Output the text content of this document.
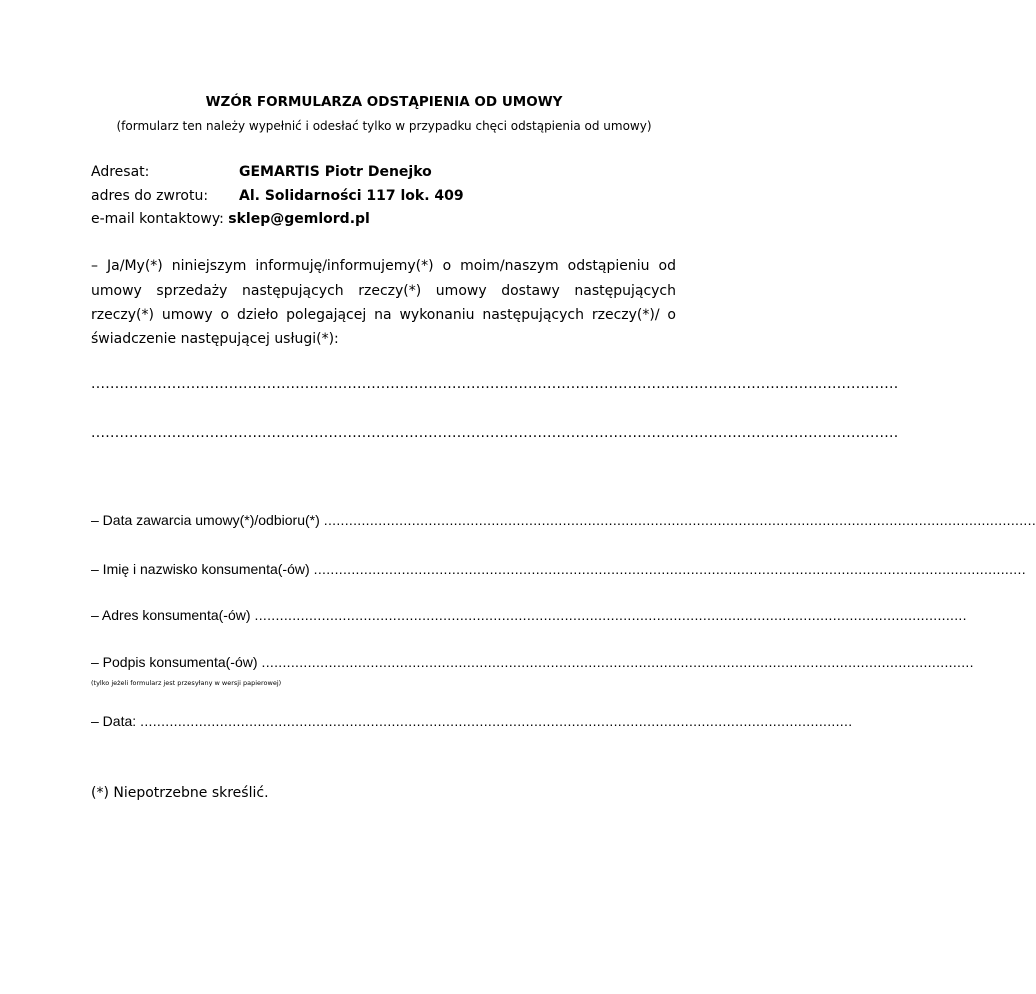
WZÓR FORMULARZA ODSTĄPIENIA OD UMOWY
(formularz ten należy wypełnić i odesłać tylko w przypadku chęci odstąpienia od umowy)
Adresat:	GEMARTIS Piotr Denejko
adres do zwrotu: Al. Solidarności 117 lok. 409
e-mail kontaktowy: sklep@gemlord.pl
– Ja/My(*) niniejszym informuję/informujemy(*) o moim/naszym odstąpieniu od
umowy sprzedaży następujących rzeczy(*) umowy dostawy następujących
rzeczy(*) umowy o dzieło polegającej na wykonaniu następujących rzeczy(*)/ o
świadczenie następującej usługi(*):
..........................................................................................................................................................................
..........................................................................................................................................................................
– Data zawarcia umowy(*)/odbioru(*) ..........................................................................................................................................................................
– Imię i nazwisko konsumenta(-ów) ..........................................................................................................................................................................
– Adres konsumenta(-ów) ..........................................................................................................................................................................
– Podpis konsumenta(-ów) ..........................................................................................................................................................................
(tylko jeżeli formularz jest przesyłany w wersji papierowej)
– Data: ..........................................................................................................................................................................
(*) Niepotrzebne skreślić.
